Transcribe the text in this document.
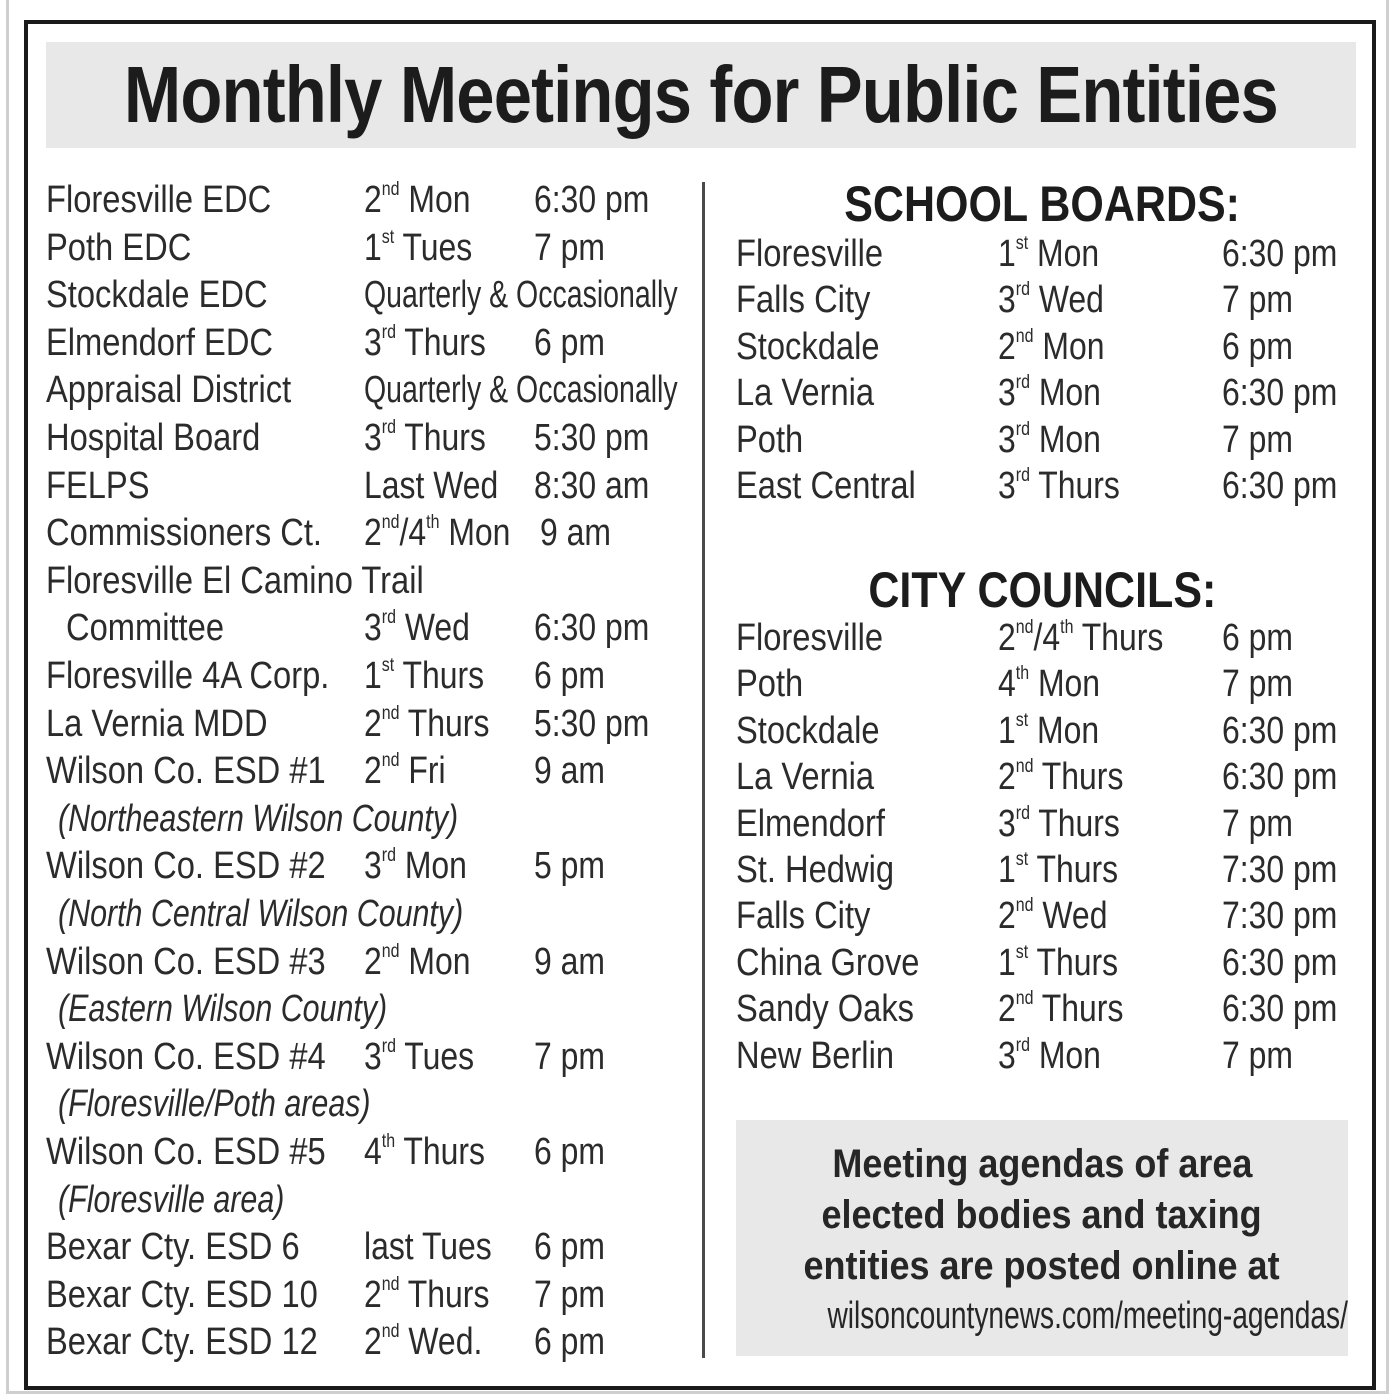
Monthly Meetings for Public Entities
Floresville EDC 2nd Mon 6:30 pm
Poth EDC	1st Tues 7 pm
Stockdale EDC	Quarterly & Occasionally
Elmendorf EDC 3rd Thurs 6 pm
Appraisal District Quarterly & Occasionally
Hospital Board	3rd Thurs 5:30 pm
FELPS	Last Wed 8:30 am
Commissioners Ct. 2nd/4th Mon 9 am
Floresville El Camino Trail
Committee	3rd Wed 6:30 pm
Floresville 4A Corp. 1st Thurs 6 pm
La Vernia MDD	2nd Thurs 5:30 pm
Wilson Co. ESD #1 2nd Fri 9 am
(Northeastern Wilson County)
Wilson Co. ESD #2 3rd Mon 5 pm
(North Central Wilson County)
Wilson Co. ESD #3 2nd Mon 9 am
(Eastern Wilson County)
Wilson Co. ESD #4 3rd Tues 7 pm
(Floresville/Poth areas)
Wilson Co. ESD #5 4th Thurs 6 pm
(Floresville area)
Bexar Cty. ESD 6 last Tues 6 pm
Bexar Cty. ESD 10 2nd Thurs 7 pm
Bexar Cty. ESD 12 2nd Wed. 6 pm
SCHOOL BOARDS:
Floresville	1st Mon	6:30 pm
Falls City	3rd Wed	7 pm
Stockdale	2nd Mon	6 pm
La Vernia	3rd Mon	6:30 pm
Poth	3rd Mon	7 pm
East Central 3rd Thurs	6:30 pm
CITY COUNCILS:
Floresville	2nd/4th Thurs 6 pm
Poth	4th Mon	7 pm
Stockdale	1st Mon	6:30 pm
La Vernia	2nd Thurs	6:30 pm
Elmendorf	3rd Thurs	7 pm
St. Hedwig	1st Thurs	7:30 pm
Falls City	2nd Wed	7:30 pm
China Grove 1st Thurs	6:30 pm
Sandy Oaks 2nd Thurs	6:30 pm
New Berlin	3rd Mon	7 pm
Meeting agendas of area
elected bodies and taxing
entities are posted online at
wilsoncountynews.com/meeting-agendas/
